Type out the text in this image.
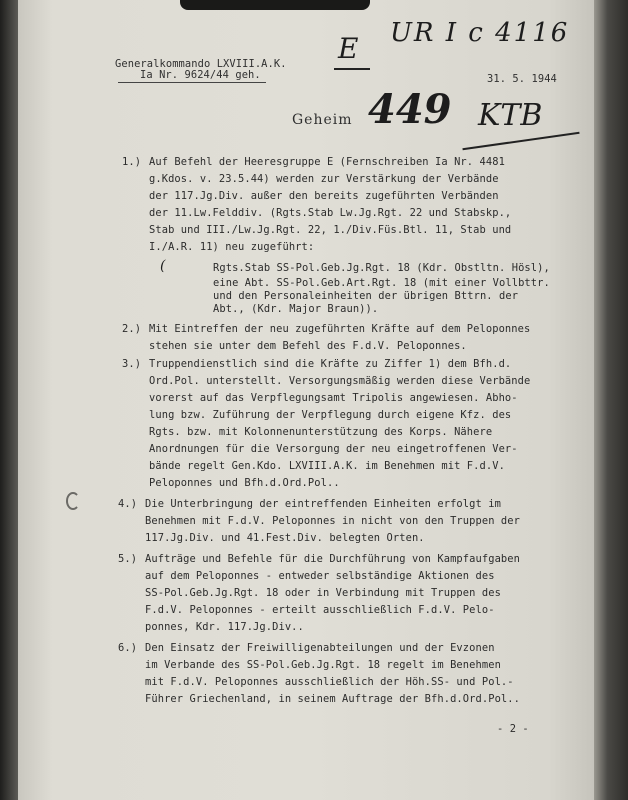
Generalkommando LXVIII.A.K.
Ia Nr. 9624/44 geh.	31. 5. 1944
Geheim
E UR I c 4116
449 KTB
1.) Auf Befehl der Heeresgruppe E (Fernschreiben Ia Nr. 4481
g.Kdos. v. 23.5.44) werden zur Verstärkung der Verbände
der 117.Jg.Div. außer den bereits zugeführten Verbänden
der 11.Lw.Felddiv. (Rgts.Stab Lw.Jg.Rgt. 22 und Stabskp.,
Stab und III./Lw.Jg.Rgt. 22, 1./Div.Füs.Btl. 11, Stab und
I./A.R. 11) neu zugeführt:
Rgts.Stab SS-Pol.Geb.Jg.Rgt. 18 (Kdr. Obstltn. Hösl),
eine Abt. SS-Pol.Geb.Art.Rgt. 18 (mit einer Vollbttr.
und den Personaleinheiten der übrigen Bttrn. der
Abt., (Kdr. Major Braun)).
2.) Mit Eintreffen der neu zugeführten Kräfte auf dem Peloponnes
stehen sie unter dem Befehl des F.d.V. Peloponnes.
3.) Truppendienstlich sind die Kräfte zu Ziffer 1) dem Bfh.d.
Ord.Pol. unterstellt. Versorgungsmäßig werden diese Verbände
vorerst auf das Verpflegungsamt Tripolis angewiesen. Abho-
lung bzw. Zuführung der Verpflegung durch eigene Kfz. des
Rgts. bzw. mit Kolonnenunterstützung des Korps. Nähere
Anordnungen für die Versorgung der neu eingetroffenen Ver-
bände regelt Gen.Kdo. LXVIII.A.K. im Benehmen mit F.d.V.
Peloponnes und Bfh.d.Ord.Pol..
4.) Die Unterbringung der eintreffenden Einheiten erfolgt im
Benehmen mit F.d.V. Peloponnes in nicht von den Truppen der
117.Jg.Div. und 41.Fest.Div. belegten Orten.
5.) Aufträge und Befehle für die Durchführung von Kampfaufgaben
auf dem Peloponnes - entweder selbständige Aktionen des
SS-Pol.Geb.Jg.Rgt. 18 oder in Verbindung mit Truppen des
F.d.V. Peloponnes - erteilt ausschließlich F.d.V. Pelo-
ponnes, Kdr. 117.Jg.Div..
6.) Den Einsatz der Freiwilligenabteilungen und der Evzonen
im Verbande des SS-Pol.Geb.Jg.Rgt. 18 regelt im Benehmen
mit F.d.V. Peloponnes ausschließlich der Höh.SS- und Pol.-
Führer Griechenland, in seinem Auftrage der Bfh.d.Ord.Pol..
- 2 -
(
